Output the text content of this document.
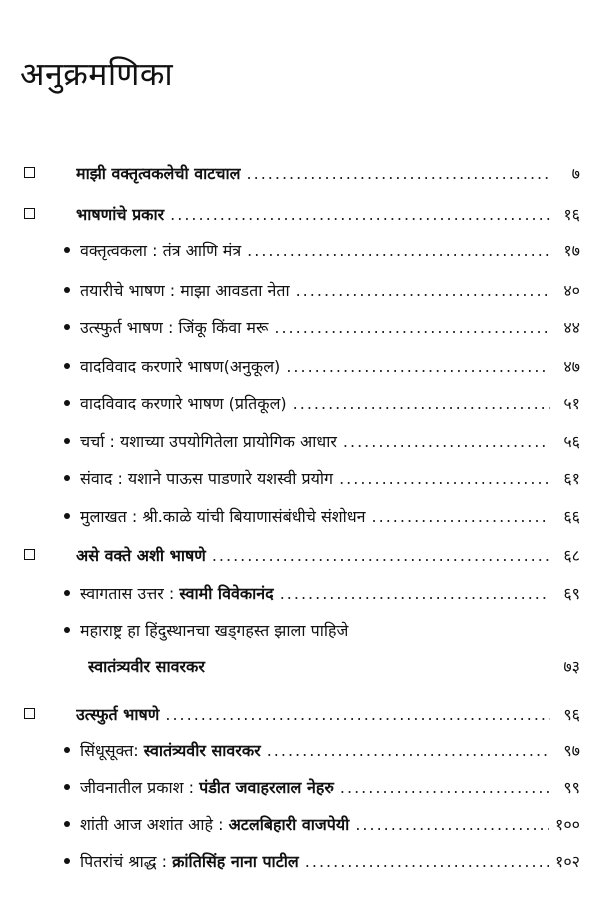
अनुक्रमणिका
माझी वक्तृत्वकलेची वाटचाल .....	७
भाषणांचे प्रकार .....	१६
वक्तृत्वकला : तंत्र आणि मंत्र .....	१७
तयारीचे भाषण : माझा आवडता नेता .....	४०
उत्स्फुर्त भाषण : जिंकू किंवा मरू .....	४४
वादविवाद करणारे भाषण(अनुकूल) .....	४७
वादविवाद करणारे भाषण (प्रतिकूल) .....	५१
चर्चा : यशाच्या उपयोगितेला प्रायोगिक आधार .....	५६
संवाद : यशाने पाऊस पाडणारे यशस्वी प्रयोग .....	६१
मुलाखत : श्री.काळे यांची बियाणासंबंधीचे संशोधन .....	६६
असे वक्ते अशी भाषणे .....	६८
स्वागतास उत्तर : स्वामी विवेकानंद .....	६९
महाराष्ट्र हा हिंदुस्थानचा खड्गहस्त झाला पाहिजे
स्वातंत्र्यवीर सावरकर	७३
उत्स्फुर्त भाषणे .....	९६
सिंधूसूक्त: स्वातंत्र्यवीर सावरकर .....	९७
जीवनातील प्रकाश : पंडीत जवाहरलाल नेहरु .....	९९
शांती आज अशांत आहे : अटलबिहारी वाजपेयी .....	१००
पितरांचं श्राद्ध : क्रांतिसिंह नाना पाटील .....	१०२
